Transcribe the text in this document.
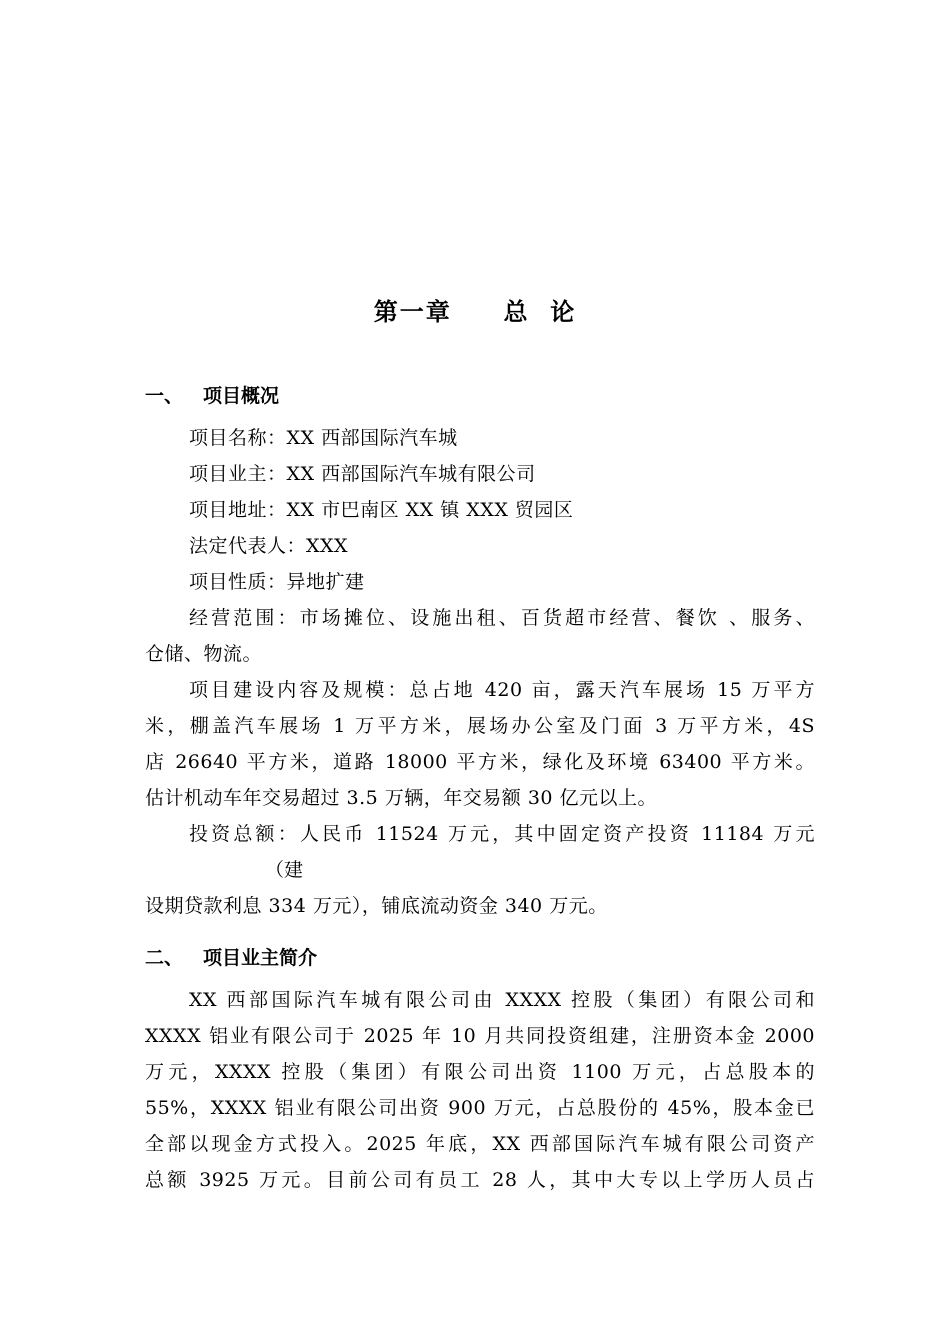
第一章     总  论
一、 项目概况

项目名称：XX 西部国际汽车城

项目业主：XX 西部国际汽车城有限公司

项目地址：XX 市巴南区 XX 镇 XXX 贸园区

法定代表人：XXX

项目性质：异地扩建

经营范围：市场摊位、设施出租、百货超市经营、餐饮 、服务、

仓储、物流。

项目建设内容及规模：总占地 420 亩，露天汽车展场 15 万平方

米，棚盖汽车展场 1 万平方米，展场办公室及门面 3 万平方米，4S

店 26640 平方米，道路 18000 平方米，绿化及环境 63400 平方米。

估计机动车年交易超过 3.5 万辆，年交易额 30 亿元以上。

投资总额：人民币 11524 万元，其中固定资产投资 11184 万元

（建

设期贷款利息 334 万元），铺底流动资金 340 万元。

二、 项目业主简介

XX 西部国际汽车城有限公司由 XXXX 控股（集团）有限公司和

XXXX 铝业有限公司于 2025 年 10 月共同投资组建，注册资本金 2000

万元，XXXX 控股（集团）有限公司出资 1100 万元，占总股本的

55%，XXXX 铝业有限公司出资 900 万元，占总股份的 45%，股本金已

全部以现金方式投入。2025 年底，XX 西部国际汽车城有限公司资产

总额 3925 万元。目前公司有员工 28 人，其中大专以上学历人员占
